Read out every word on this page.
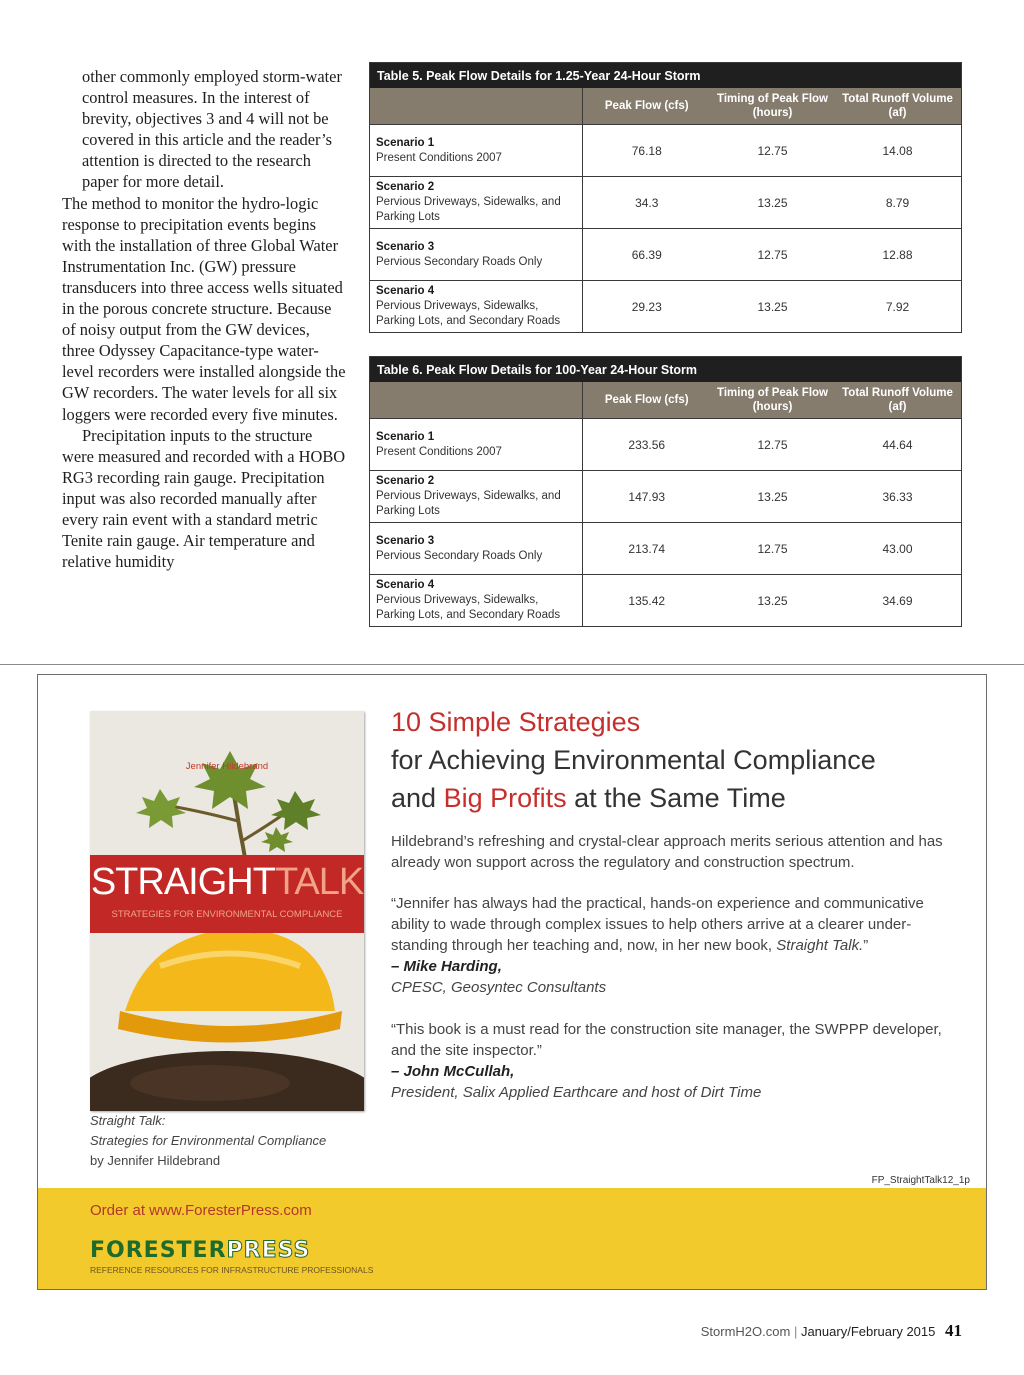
other commonly employed storm-water control measures. In the interest of brevity, objectives 3 and 4 will not be covered in this article and the reader’s attention is directed to the research paper for more detail.

The method to monitor the hydro-logic response to precipitation events begins with the installation of three Global Water Instrumentation Inc. (GW) pressure transducers into three access wells situated in the porous concrete structure. Because of noisy output from the GW devices, three Odyssey Capacitance-type water-level recorders were installed alongside the GW recorders. The water levels for all six loggers were recorded every five minutes.

Precipitation inputs to the structure were measured and recorded with a HOBO RG3 recording rain gauge. Precipitation input was also recorded manually after every rain event with a standard metric Tenite rain gauge. Air temperature and relative humidity

Table 5. Peak Flow Details for 1.25-Year 24-Hour Storm
	Peak Flow (cfs)	Timing of Peak Flow (hours)	Total Runoff Volume (af)

Scenario 1
Present Conditions 2007	76.18	12.75	14.08

Scenario 2
Pervious Driveways, Sidewalks, and Parking Lots	34.3	13.25	8.79

Scenario 3
Pervious Secondary Roads Only	66.39	12.75	12.88

Scenario 4
Pervious Driveways, Sidewalks, Parking Lots, and Secondary Roads	29.23	13.25	7.92
Table 6. Peak Flow Details for 100-Year 24-Hour Storm
	Peak Flow (cfs)	Timing of Peak Flow (hours)	Total Runoff Volume (af)

Scenario 1
Present Conditions 2007	233.56	12.75	44.64

Scenario 2
Pervious Driveways, Sidewalks, and Parking Lots	147.93	13.25	36.33

Scenario 3
Pervious Secondary Roads Only	213.74	12.75	43.00

Scenario 4
Pervious Driveways, Sidewalks, Parking Lots, and Secondary Roads	135.42	13.25	34.69
Jennifer Hildebrand
STRAIGHTTALK
STRATEGIES FOR ENVIRONMENTAL COMPLIANCE
Straight Talk:
Strategies for Environmental Compliance
by Jennifer Hildebrand
10 Simple Strategies
for Achieving Environmental Compliance
and Big Profits at the Same Time
Hildebrand’s refreshing and crystal-clear approach merits serious attention and has already won support across the regulatory and construction spectrum.
“Jennifer has always had the practical, hands-on experience and communicative ability to wade through complex issues to help others arrive at a clearer under-standing through her teaching and, now, in her new book, Straight Talk.”
– Mike Harding,
CPESC, Geosyntec Consultants
“This book is a must read for the construction site manager, the SWPPP developer, and the site inspector.”
– John McCullah,
President, Salix Applied Earthcare and host of Dirt Time
FP_StraightTalk12_1p
Order at www.ForesterPress.com
FORESTERPRESS
REFERENCE RESOURCES FOR INFRASTRUCTURE PROFESSIONALS
StormH2O.com | January/February 2015 41
